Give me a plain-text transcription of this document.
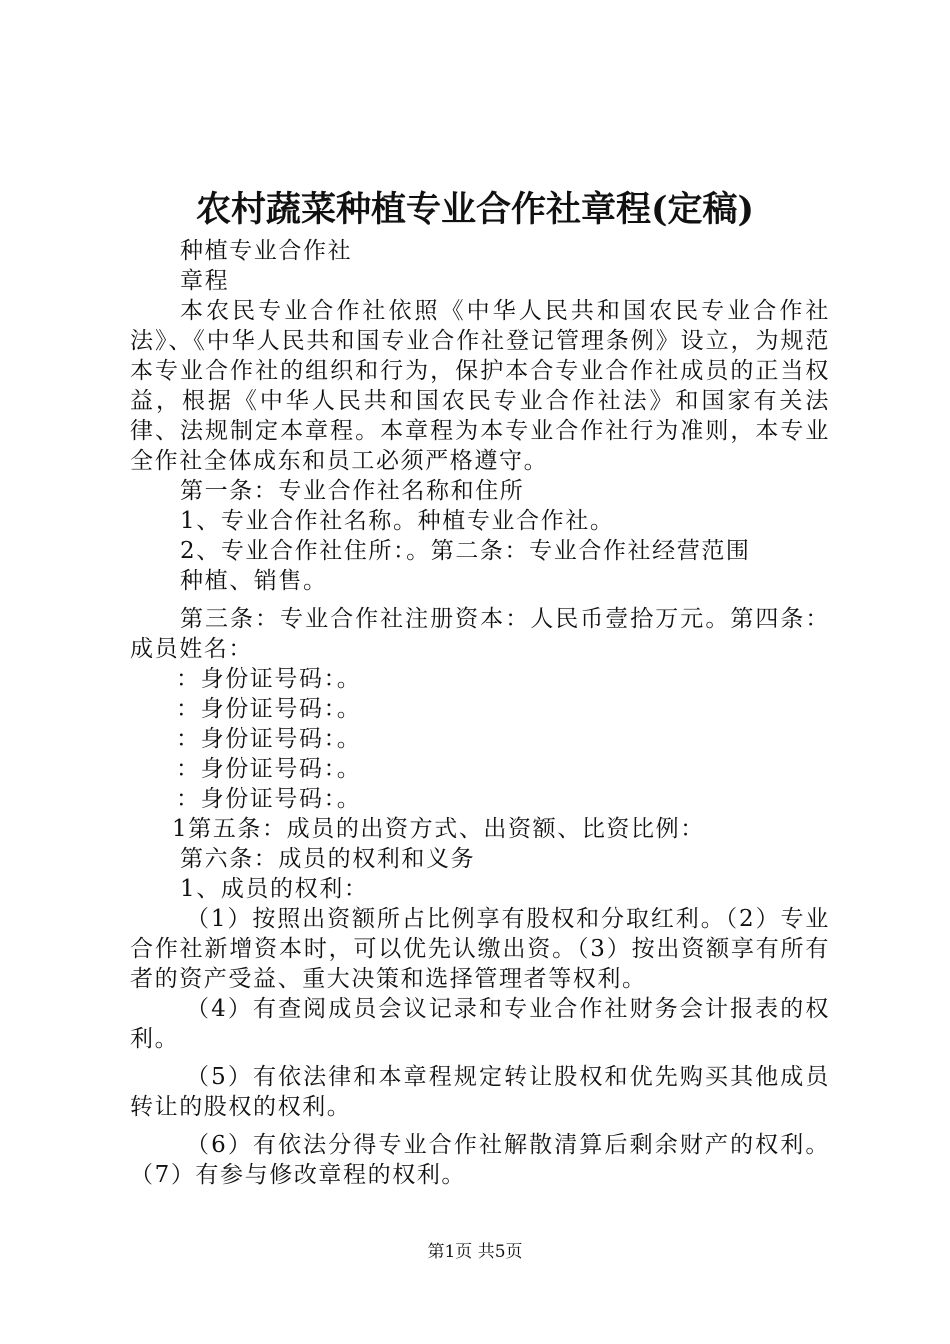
农村蔬菜种植专业合作社章程(定稿)

种植专业合作社

章程

本农民专业合作社依照《中华人民共和国农民专业合作社法》、《中华人民共和国专业合作社登记管理条例》设立，为规范本专业合作社的组织和行为，保护本合专业合作社成员的正当权益，根据《中华人民共和国农民专业合作社法》和国家有关法律、法规制定本章程。本章程为本专业合作社行为准则，本专业全作社全体成东和员工必须严格遵守。

第一条：专业合作社名称和住所

1、专业合作社名称。种植专业合作社。

2、专业合作社住所：。第二条：专业合作社经营范围

种植、销售。

第三条：专业合作社注册资本：人民币壹拾万元。第四条：成员姓名：

：身份证号码：。

：身份证号码：。

：身份证号码：。

：身份证号码：。

：身份证号码：。

1第五条：成员的出资方式、出资额、比资比例：

第六条：成员的权利和义务

1、成员的权利：

（1）按照出资额所占比例享有股权和分取红利。（2）专业合作社新增资本时，可以优先认缴出资。（3）按出资额享有所有者的资产受益、重大决策和选择管理者等权利。

（4）有查阅成员会议记录和专业合作社财务会计报表的权利。

（5）有依法律和本章程规定转让股权和优先购买其他成员转让的股权的权利。

（6）有依法分得专业合作社解散清算后剩余财产的权利。（7）有参与修改章程的权利。

第1页 共5页
